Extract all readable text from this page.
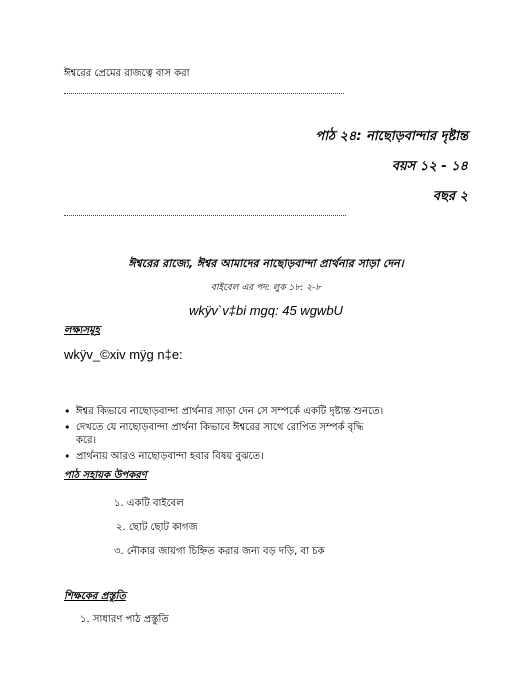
ঈশ্বরের প্রেমের রাজত্বে বাস করা
পাঠ ২৪: নাছোড়বান্দার দৃষ্টান্ত
বয়স ১২ - ১৪
বছর ২
ঈশ্বরের রাজ্যে, ঈশ্বর আমাদের নাছোড়বান্দা প্রার্থনার সাড়া দেন।
বাইবেল এর পদ: লুক ১৮: ২-৮
wkÿv`v‡bi mgq: 45 wgwbU
লক্ষ্যসমূহ
wkÿv_©xiv mÿg n‡e:
• ঈশ্বর কিভাবে নাছোড়বান্দা প্রার্থনার সাড়া দেন সে সম্পর্কে একটি দৃষ্টান্ত শুনতে।
• দেখতে যে নাছোড়বান্দা প্রার্থনা কিভাবে ঈশ্বরের সাথে রোপিত সম্পর্ক বৃদ্ধি করে।
• প্রার্থনায় আরও নাছোড়বান্দা হবার বিষয় বুঝতে।
পাঠ সহায়ক উপকরণ
১. একটি বাইবেল
২. ছোট ছোট কাগজ
৩. নৌকার জায়গা চিহ্নিত করার জন্য বড় দড়ি, বা চক
শিক্ষকের প্রস্তুতি
১. সাধারণ পাঠ প্রস্তুতি
